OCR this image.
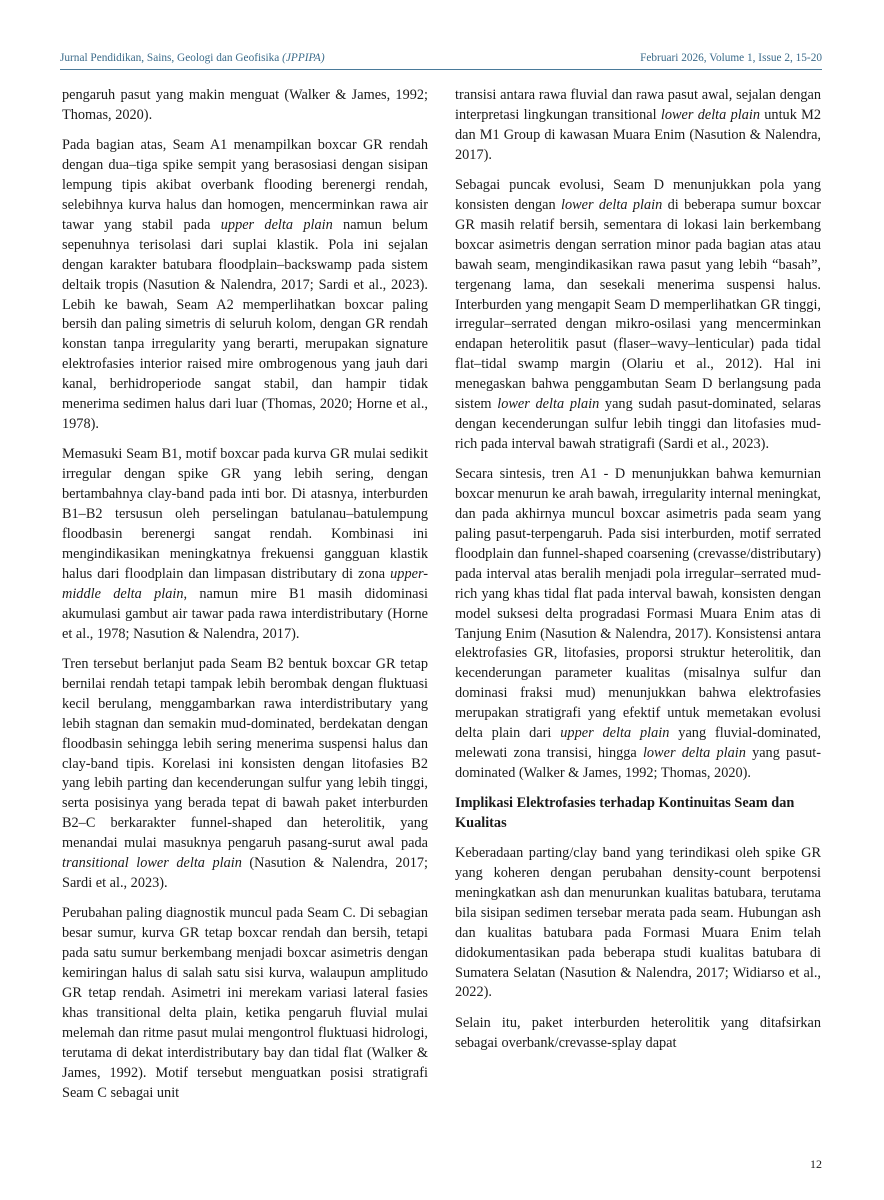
Jurnal Pendidikan, Sains, Geologi dan Geofisika (JPPIPA)	Februari 2026, Volume 1, Issue 2, 15-20

pengaruh pasut yang makin menguat (Walker & James, 1992; Thomas, 2020).

Pada bagian atas, Seam A1 menampilkan boxcar GR rendah dengan dua–tiga spike sempit yang berasosiasi dengan sisipan lempung tipis akibat overbank flooding berenergi rendah, selebihnya kurva halus dan homogen, mencerminkan rawa air tawar yang stabil pada upper delta plain namun belum sepenuhnya terisolasi dari suplai klastik. Pola ini sejalan dengan karakter batubara floodplain–backswamp pada sistem deltaik tropis (Nasution & Nalendra, 2017; Sardi et al., 2023). Lebih ke bawah, Seam A2 memperlihatkan boxcar paling bersih dan paling simetris di seluruh kolom, dengan GR rendah konstan tanpa irregularity yang berarti, merupakan signature elektrofasies interior raised mire ombrogenous yang jauh dari kanal, berhidroperiode sangat stabil, dan hampir tidak menerima sedimen halus dari luar (Thomas, 2020; Horne et al., 1978).

Memasuki Seam B1, motif boxcar pada kurva GR mulai sedikit irregular dengan spike GR yang lebih sering, dengan bertambahnya clay-band pada inti bor. Di atasnya, interburden B1–B2 tersusun oleh perselingan batulanau–batulempung floodbasin berenergi sangat rendah. Kombinasi ini mengindikasikan meningkatnya frekuensi gangguan klastik halus dari floodplain dan limpasan distributary di zona upper-middle delta plain, namun mire B1 masih didominasi akumulasi gambut air tawar pada rawa interdistributary (Horne et al., 1978; Nasution & Nalendra, 2017).

Tren tersebut berlanjut pada Seam B2 bentuk boxcar GR tetap bernilai rendah tetapi tampak lebih berombak dengan fluktuasi kecil berulang, menggambarkan rawa interdistributary yang lebih stagnan dan semakin mud-dominated, berdekatan dengan floodbasin sehingga lebih sering menerima suspensi halus dan clay-band tipis. Korelasi ini konsisten dengan litofasies B2 yang lebih parting dan kecenderungan sulfur yang lebih tinggi, serta posisinya yang berada tepat di bawah paket interburden B2–C berkarakter funnel-shaped dan heterolitik, yang menandai mulai masuknya pengaruh pasang-surut awal pada transitional lower delta plain (Nasution & Nalendra, 2017; Sardi et al., 2023).

Perubahan paling diagnostik muncul pada Seam C. Di sebagian besar sumur, kurva GR tetap boxcar rendah dan bersih, tetapi pada satu sumur berkembang menjadi boxcar asimetris dengan kemiringan halus di salah satu sisi kurva, walaupun amplitudo GR tetap rendah. Asimetri ini merekam variasi lateral fasies khas transitional delta plain, ketika pengaruh fluvial mulai melemah dan ritme pasut mulai mengontrol fluktuasi hidrologi, terutama di dekat interdistributary bay dan tidal flat (Walker & James, 1992). Motif tersebut menguatkan posisi stratigrafi Seam C sebagai unit

transisi antara rawa fluvial dan rawa pasut awal, sejalan dengan interpretasi lingkungan transitional lower delta plain untuk M2 dan M1 Group di kawasan Muara Enim (Nasution & Nalendra, 2017).

Sebagai puncak evolusi, Seam D menunjukkan pola yang konsisten dengan lower delta plain di beberapa sumur boxcar GR masih relatif bersih, sementara di lokasi lain berkembang boxcar asimetris dengan serration minor pada bagian atas atau bawah seam, mengindikasikan rawa pasut yang lebih “basah”, tergenang lama, dan sesekali menerima suspensi halus. Interburden yang mengapit Seam D memperlihatkan GR tinggi, irregular–serrated dengan mikro-osilasi yang mencerminkan endapan heterolitik pasut (flaser–wavy–lenticular) pada tidal flat–tidal swamp margin (Olariu et al., 2012). Hal ini menegaskan bahwa penggambutan Seam D berlangsung pada sistem lower delta plain yang sudah pasut-dominated, selaras dengan kecenderungan sulfur lebih tinggi dan litofasies mud-rich pada interval bawah stratigrafi (Sardi et al., 2023).

Secara sintesis, tren A1 - D menunjukkan bahwa kemurnian boxcar menurun ke arah bawah, irregularity internal meningkat, dan pada akhirnya muncul boxcar asimetris pada seam yang paling pasut-terpengaruh. Pada sisi interburden, motif serrated floodplain dan funnel-shaped coarsening (crevasse/distributary) pada interval atas beralih menjadi pola irregular–serrated mud-rich yang khas tidal flat pada interval bawah, konsisten dengan model suksesi delta progradasi Formasi Muara Enim atas di Tanjung Enim (Nasution & Nalendra, 2017). Konsistensi antara elektrofasies GR, litofasies, proporsi struktur heterolitik, dan kecenderungan parameter kualitas (misalnya sulfur dan dominasi fraksi mud) menunjukkan bahwa elektrofasies merupakan stratigrafi yang efektif untuk memetakan evolusi delta plain dari upper delta plain yang fluvial-dominated, melewati zona transisi, hingga lower delta plain yang pasut-dominated (Walker & James, 1992; Thomas, 2020).

Implikasi Elektrofasies terhadap Kontinuitas Seam dan Kualitas

Keberadaan parting/clay band yang terindikasi oleh spike GR yang koheren dengan perubahan density-count berpotensi meningkatkan ash dan menurunkan kualitas batubara, terutama bila sisipan sedimen tersebar merata pada seam. Hubungan ash dan kualitas batubara pada Formasi Muara Enim telah didokumentasikan pada beberapa studi kualitas batubara di Sumatera Selatan (Nasution & Nalendra, 2017; Widiarso et al., 2022).

Selain itu, paket interburden heterolitik yang ditafsirkan sebagai overbank/crevasse-splay dapat

12
